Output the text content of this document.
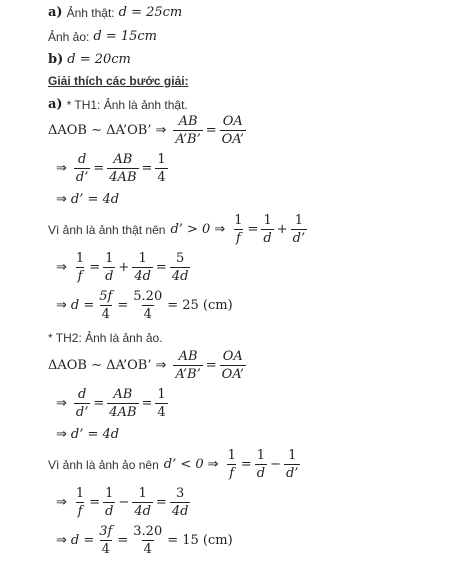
a) Ảnh thật: d = 25cm
Ảnh ảo: d = 15cm
b) d = 20cm
Giải thích các bước giải:
a) * TH1: Ảnh là ảnh thật.
ΔAOB ∼ ΔA’OB’ ⇒ $\frac{AB}{A’B’} = \frac{OA}{OA’}$
⇒ $\frac{d}{d’} = \frac{AB}{4AB} = \frac{1}{4}$
⇒ d’ = 4d
Vì ảnh là ảnh thật nên d’ > 0 ⇒ $\frac{1}{f} = \frac{1}{d} + \frac{1}{d’}$
⇒ $\frac{1}{f} = \frac{1}{d} + \frac{1}{4d} = \frac{5}{4d}$
⇒ $d = \frac{5f}{4} = \frac{5.20}{4} = 25$ (cm)
* TH2: Ảnh là ảnh ảo.
ΔAOB ∼ ΔA’OB’ ⇒ $\frac{AB}{A’B’} = \frac{OA}{OA’}$
⇒ $\frac{d}{d’} = \frac{AB}{4AB} = \frac{1}{4}$
⇒ d’ = 4d
Vì ảnh là ảnh ảo nên d’ < 0 ⇒ $\frac{1}{f} = \frac{1}{d} - \frac{1}{d’}$
⇒ $\frac{1}{f} = \frac{1}{d} - \frac{1}{4d} = \frac{3}{4d}$
⇒ $d = \frac{3f}{4} = \frac{3.20}{4} = 15$ (cm)
